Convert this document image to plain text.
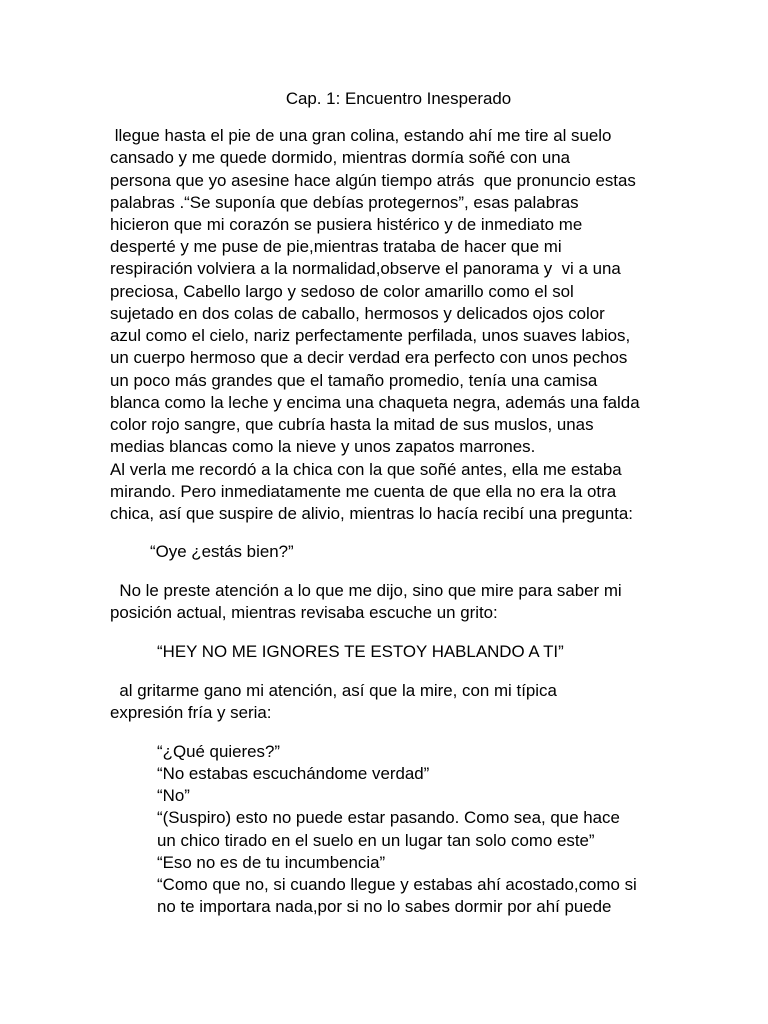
Cap. 1: Encuentro Inesperado
llegue hasta el pie de una gran colina, estando ahí me tire al suelo
cansado y me quede dormido, mientras dormía soñé con una
persona que yo asesine hace algún tiempo atrás  que pronuncio estas
palabras .“Se suponía que debías protegernos”, esas palabras
hicieron que mi corazón se pusiera histérico y de inmediato me
desperté y me puse de pie,mientras trataba de hacer que mi
respiración volviera a la normalidad,observe el panorama y  vi a una
preciosa, Cabello largo y sedoso de color amarillo como el sol
sujetado en dos colas de caballo, hermosos y delicados ojos color
azul como el cielo, nariz perfectamente perfilada, unos suaves labios,
un cuerpo hermoso que a decir verdad era perfecto con unos pechos
un poco más grandes que el tamaño promedio, tenía una camisa
blanca como la leche y encima una chaqueta negra, además una falda
color rojo sangre, que cubría hasta la mitad de sus muslos, unas
medias blancas como la nieve y unos zapatos marrones.
Al verla me recordó a la chica con la que soñé antes, ella me estaba
mirando. Pero inmediatamente me cuenta de que ella no era la otra
chica, así que suspire de alivio, mientras lo hacía recibí una pregunta:
“Oye ¿estás bien?”
No le preste atención a lo que me dijo, sino que mire para saber mi
posición actual, mientras revisaba escuche un grito:
“HEY NO ME IGNORES TE ESTOY HABLANDO A TI”
al gritarme gano mi atención, así que la mire, con mi típica
expresión fría y seria:
“¿Qué quieres?”
“No estabas escuchándome verdad”
“No”
“(Suspiro) esto no puede estar pasando. Como sea, que hace
un chico tirado en el suelo en un lugar tan solo como este”
“Eso no es de tu incumbencia”
“Como que no, si cuando llegue y estabas ahí acostado,como si
no te importara nada,por si no lo sabes dormir por ahí puede
